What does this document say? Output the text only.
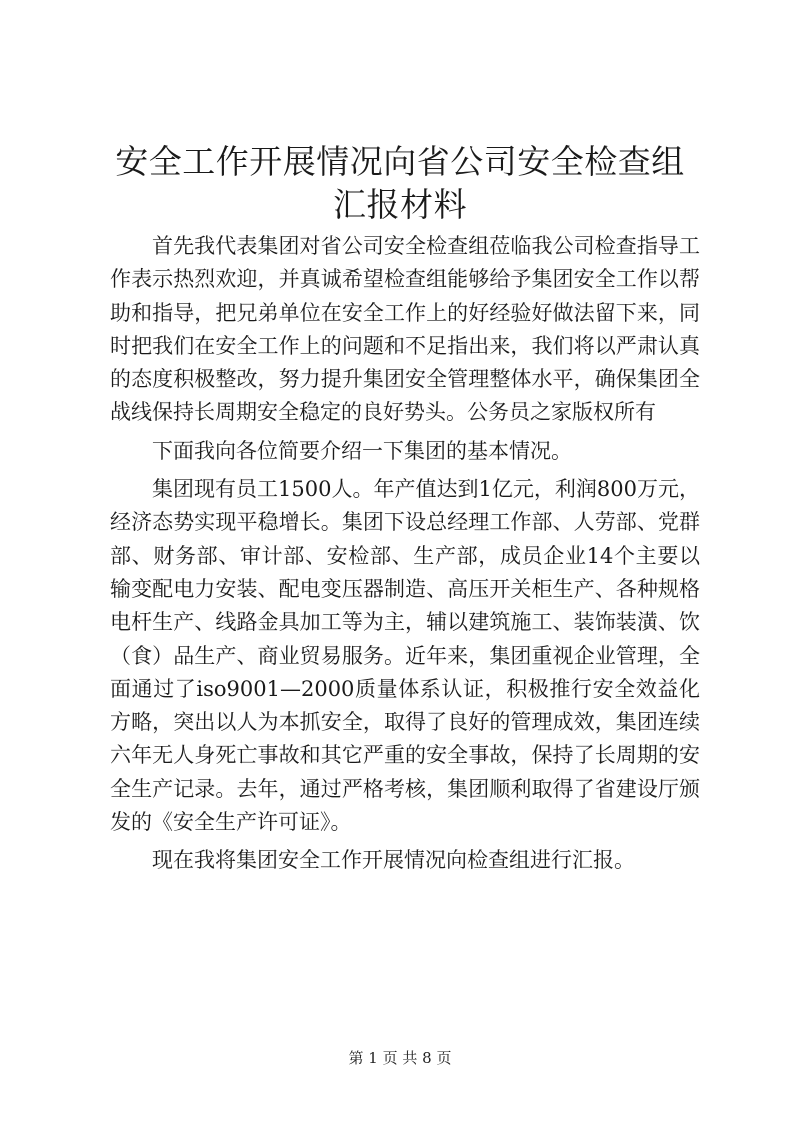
安全工作开展情况向省公司安全检查组汇报材料

首先我代表集团对省公司安全检查组莅临我公司检查指导工作表示热烈欢迎，并真诚希望检查组能够给予集团安全工作以帮助和指导，把兄弟单位在安全工作上的好经验好做法留下来，同时把我们在安全工作上的问题和不足指出来，我们将以严肃认真的态度积极整改，努力提升集团安全管理整体水平，确保集团全战线保持长周期安全稳定的良好势头。公务员之家版权所有

下面我向各位简要介绍一下集团的基本情况。

集团现有员工1500人。年产值达到1亿元，利润800万元，经济态势实现平稳增长。集团下设总经理工作部、人劳部、党群部、财务部、审计部、安检部、生产部，成员企业14个主要以输变配电力安装、配电变压器制造、高压开关柜生产、各种规格电杆生产、线路金具加工等为主，辅以建筑施工、装饰装潢、饮（食）品生产、商业贸易服务。近年来，集团重视企业管理，全面通过了iso9001—2000质量体系认证，积极推行安全效益化方略，突出以人为本抓安全，取得了良好的管理成效，集团连续六年无人身死亡事故和其它严重的安全事故，保持了长周期的安全生产记录。去年，通过严格考核，集团顺利取得了省建设厅颁发的《安全生产许可证》。

现在我将集团安全工作开展情况向检查组进行汇报。

第 1 页 共 8 页
